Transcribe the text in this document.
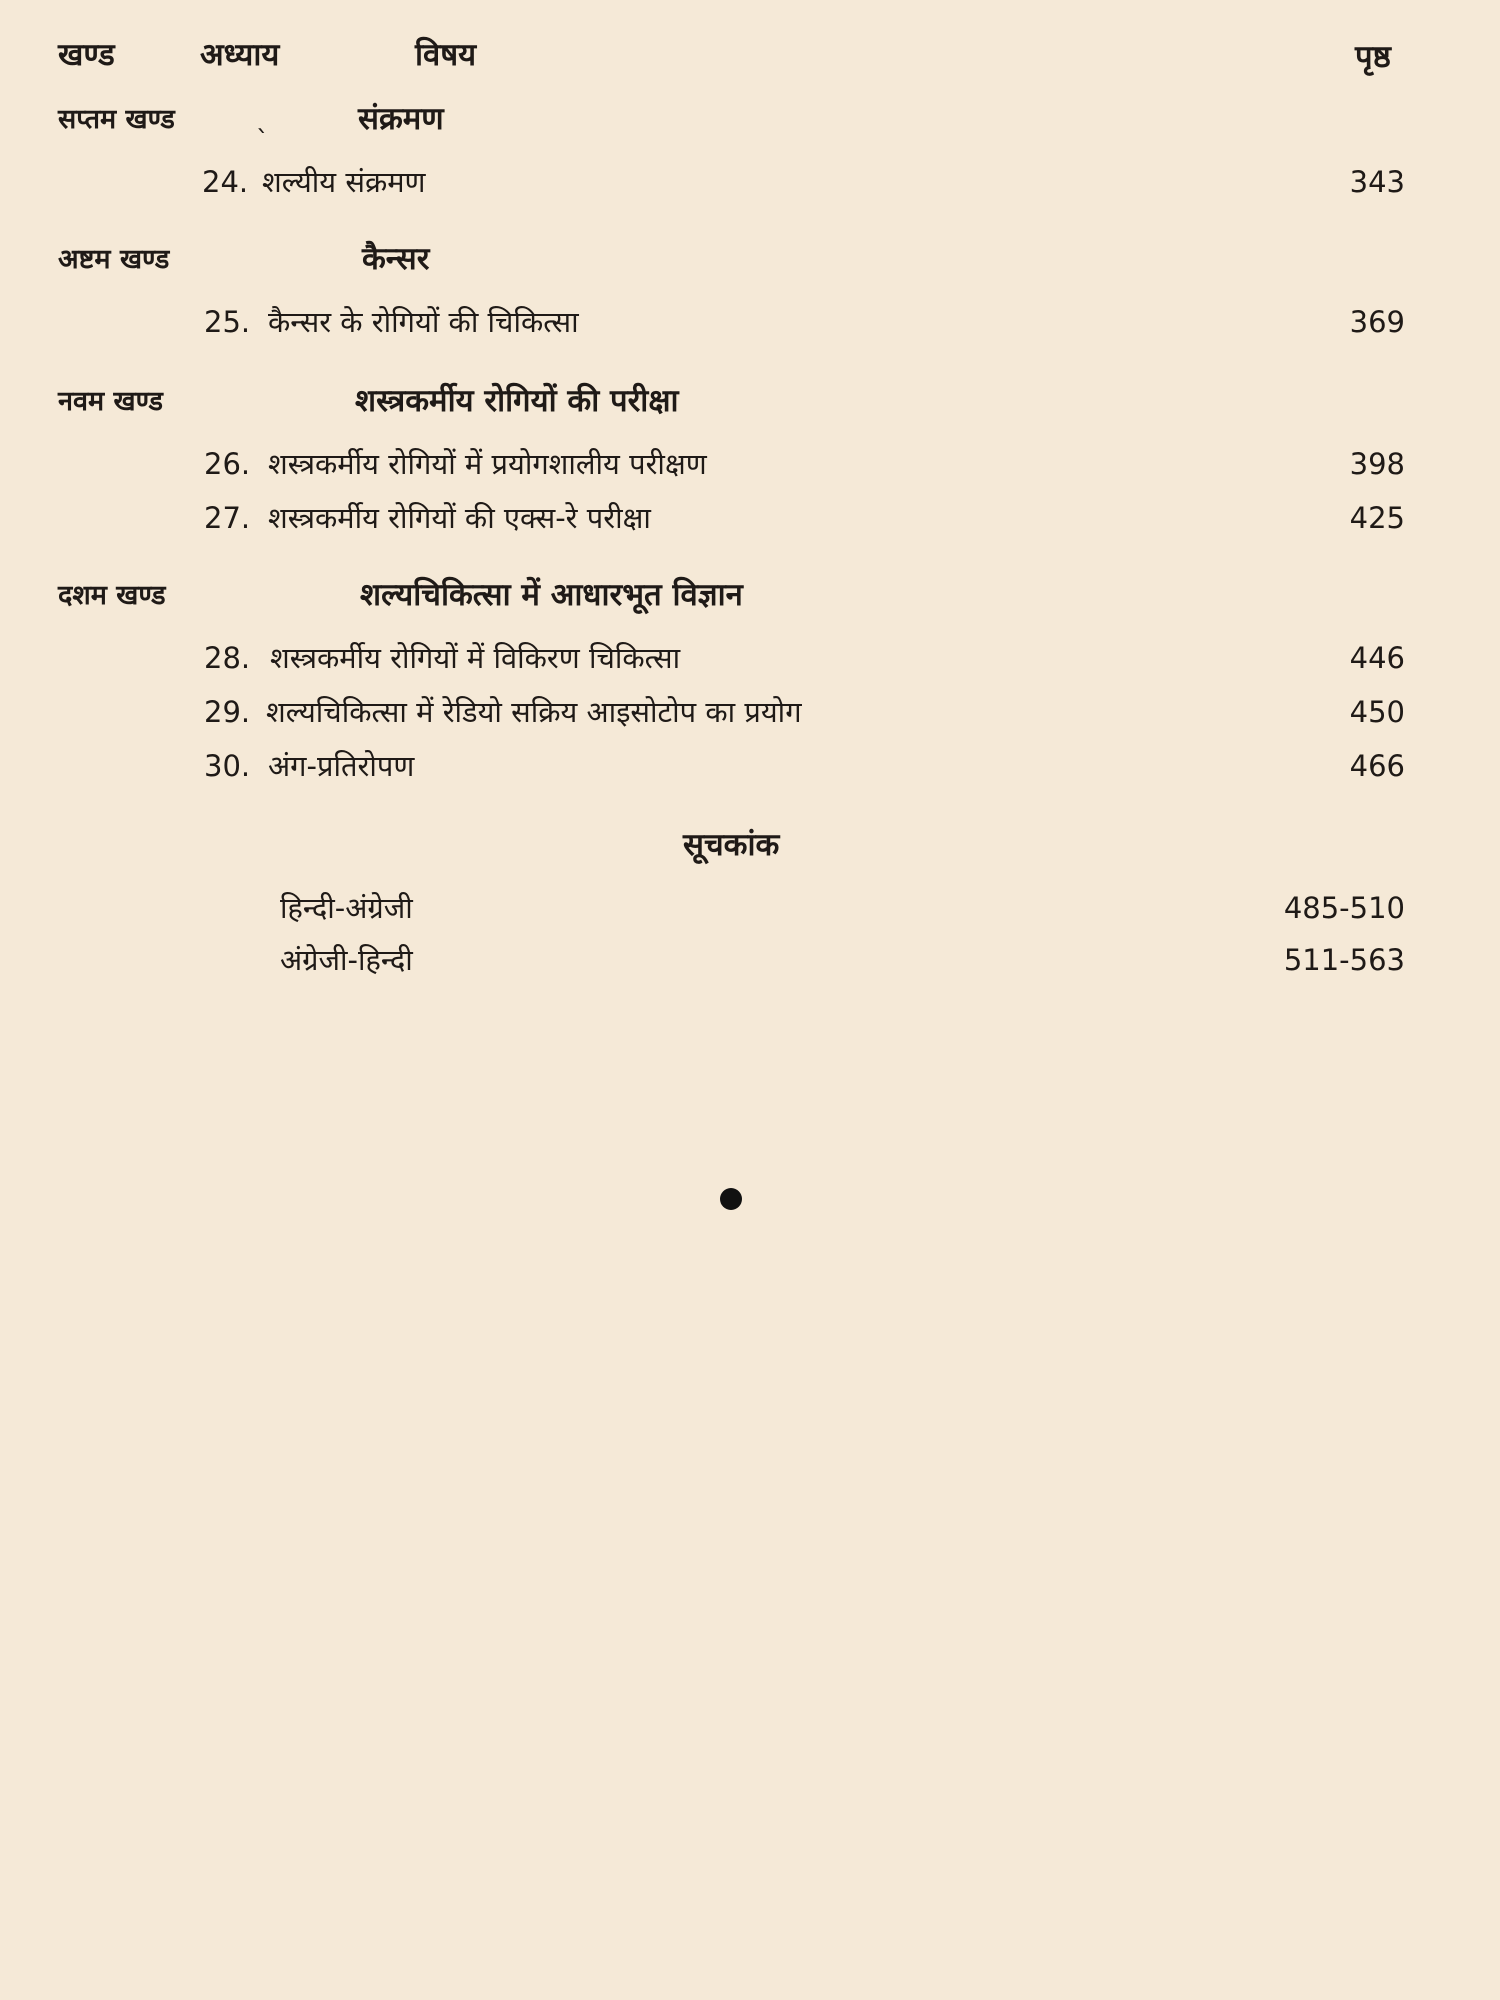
खण्ड	अध्याय	विषय	पृष्ठ
सप्तम खण्ड	ˎ	संक्रमण
24. शल्यीय संक्रमण	343
अष्टम खण्ड	कैन्सर
25. कैन्सर के रोगियों की चिकित्सा	369
नवम खण्ड	शस्त्रकर्मीय रोगियों की परीक्षा
26. शस्त्रकर्मीय रोगियों में प्रयोगशालीय परीक्षण	398
27. शस्त्रकर्मीय रोगियों की एक्स-रे परीक्षा	425
दशम खण्ड	शल्यचिकित्सा में आधारभूत विज्ञान
28. शस्त्रकर्मीय रोगियों में विकिरण चिकित्सा	446
29. शल्यचिकित्सा में रेडियो सक्रिय आइसोटोप का प्रयोग	450
30. अंग-प्रतिरोपण	466
सूचकांक
हिन्दी-अंग्रेजी	485-510
अंग्रेजी-हिन्दी	511-563
